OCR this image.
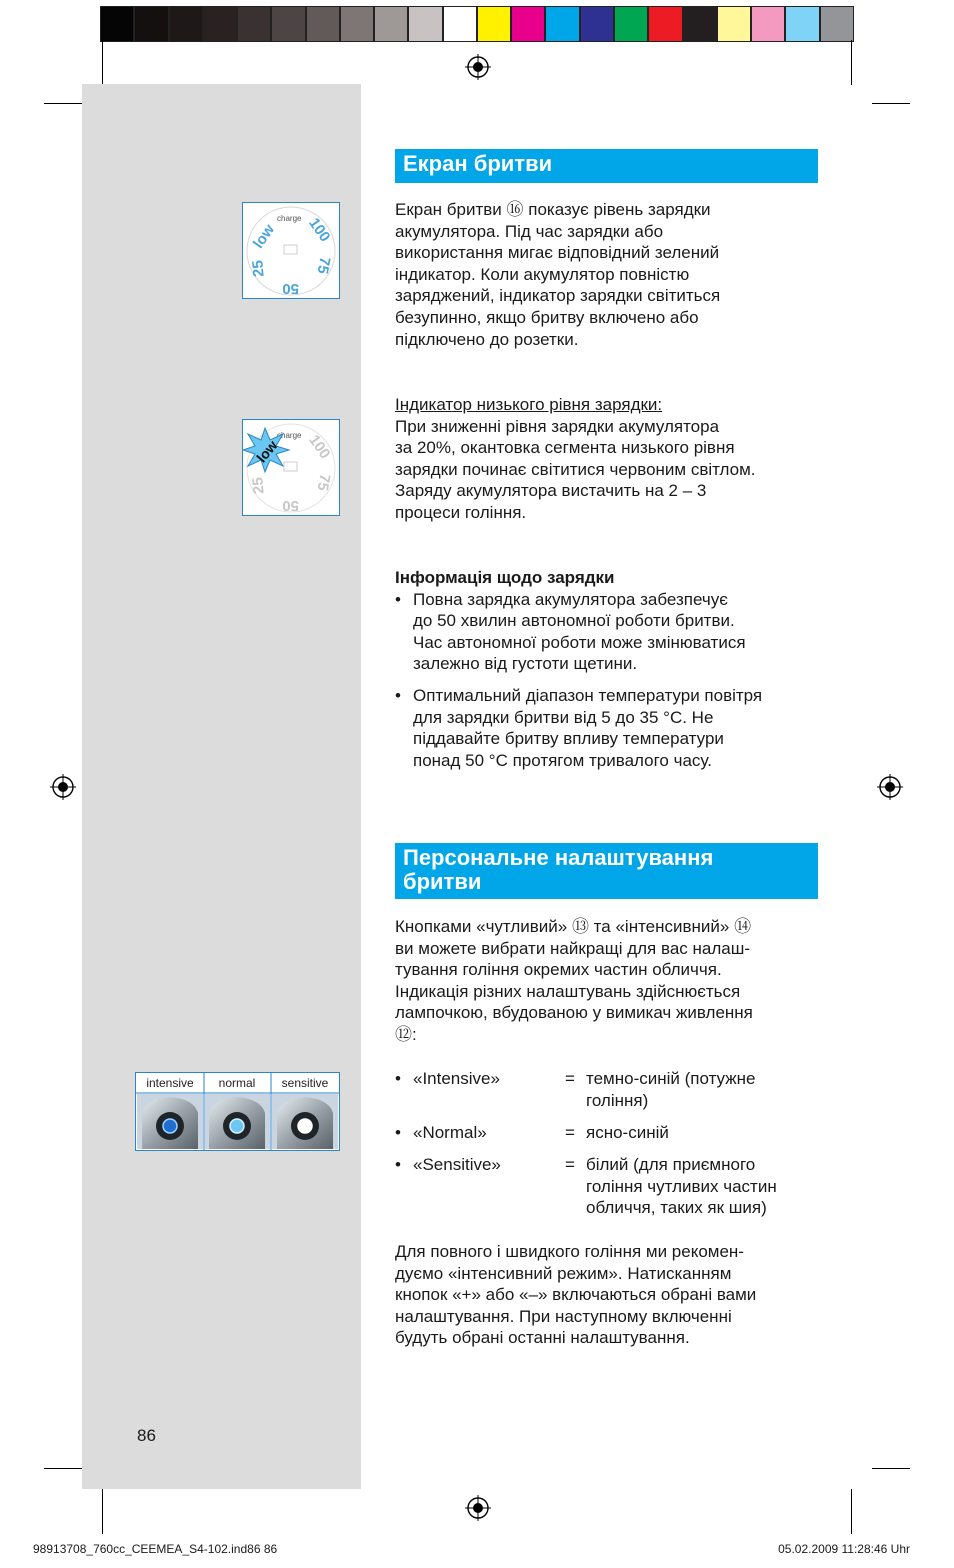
charge
low
25
50
75
100
charge
25
50
75
100
low
intensive normal sensitive
Екран бритви

Екран бритви ⑯ показує рівень зарядки

акумулятора. Під час зарядки або

використання мигає відповідний зелений

індикатор. Коли акумулятор повністю

заряджений, індикатор зарядки світиться

безупинно, якщо бритву включено або

підключено до розетки.

Індикатор низького рівня зарядки:

При зниженні рівня зарядки акумулятора

за 20%, окантовка сегмента низького рівня

зарядки починає світитися червоним світлом.

Заряду акумулятора вистачить на 2 – 3

процеси гоління.

Інформація щодо зарядки

• Повна зарядка акумулятора забезпечує

до 50 хвилин автономної роботи бритви.

Час автономної роботи може змінюватися

залежно від густоти щетини.

• Оптимальний діапазон температури повітря

для зарядки бритви від 5 до 35 °C. Не

піддавайте бритву впливу температури

понад 50 °C протягом тривалого часу.

Персональне налаштування
бритви

Кнопками «чутливий» ⑬ та «інтенсивний» ⑭

ви можете вибрати найкращі для вас налаш-

тування гоління окремих частин обличчя.

Індикація різних налаштувань здійснюється

лампочкою, вбудованою у вимикач живлення

⑫:

• «Intensive»	= темно-синій (потужне
гоління)
• «Normal»	= ясно-синій
• «Sensitive»	= білий (для приємного
гоління чутливих частин
обличчя, таких як шия)

Для повного і швидкого гоління ми рекомен-

дуємо «інтенсивний режим». Натисканням

кнопок «+» або «–» включаються обрані вами

налаштування. При наступному включенні

будуть обрані останні налаштування.

86
98913708_760cc_CEEMEA_S4-102.ind86 86	05.02.2009 11:28:46 Uhr
